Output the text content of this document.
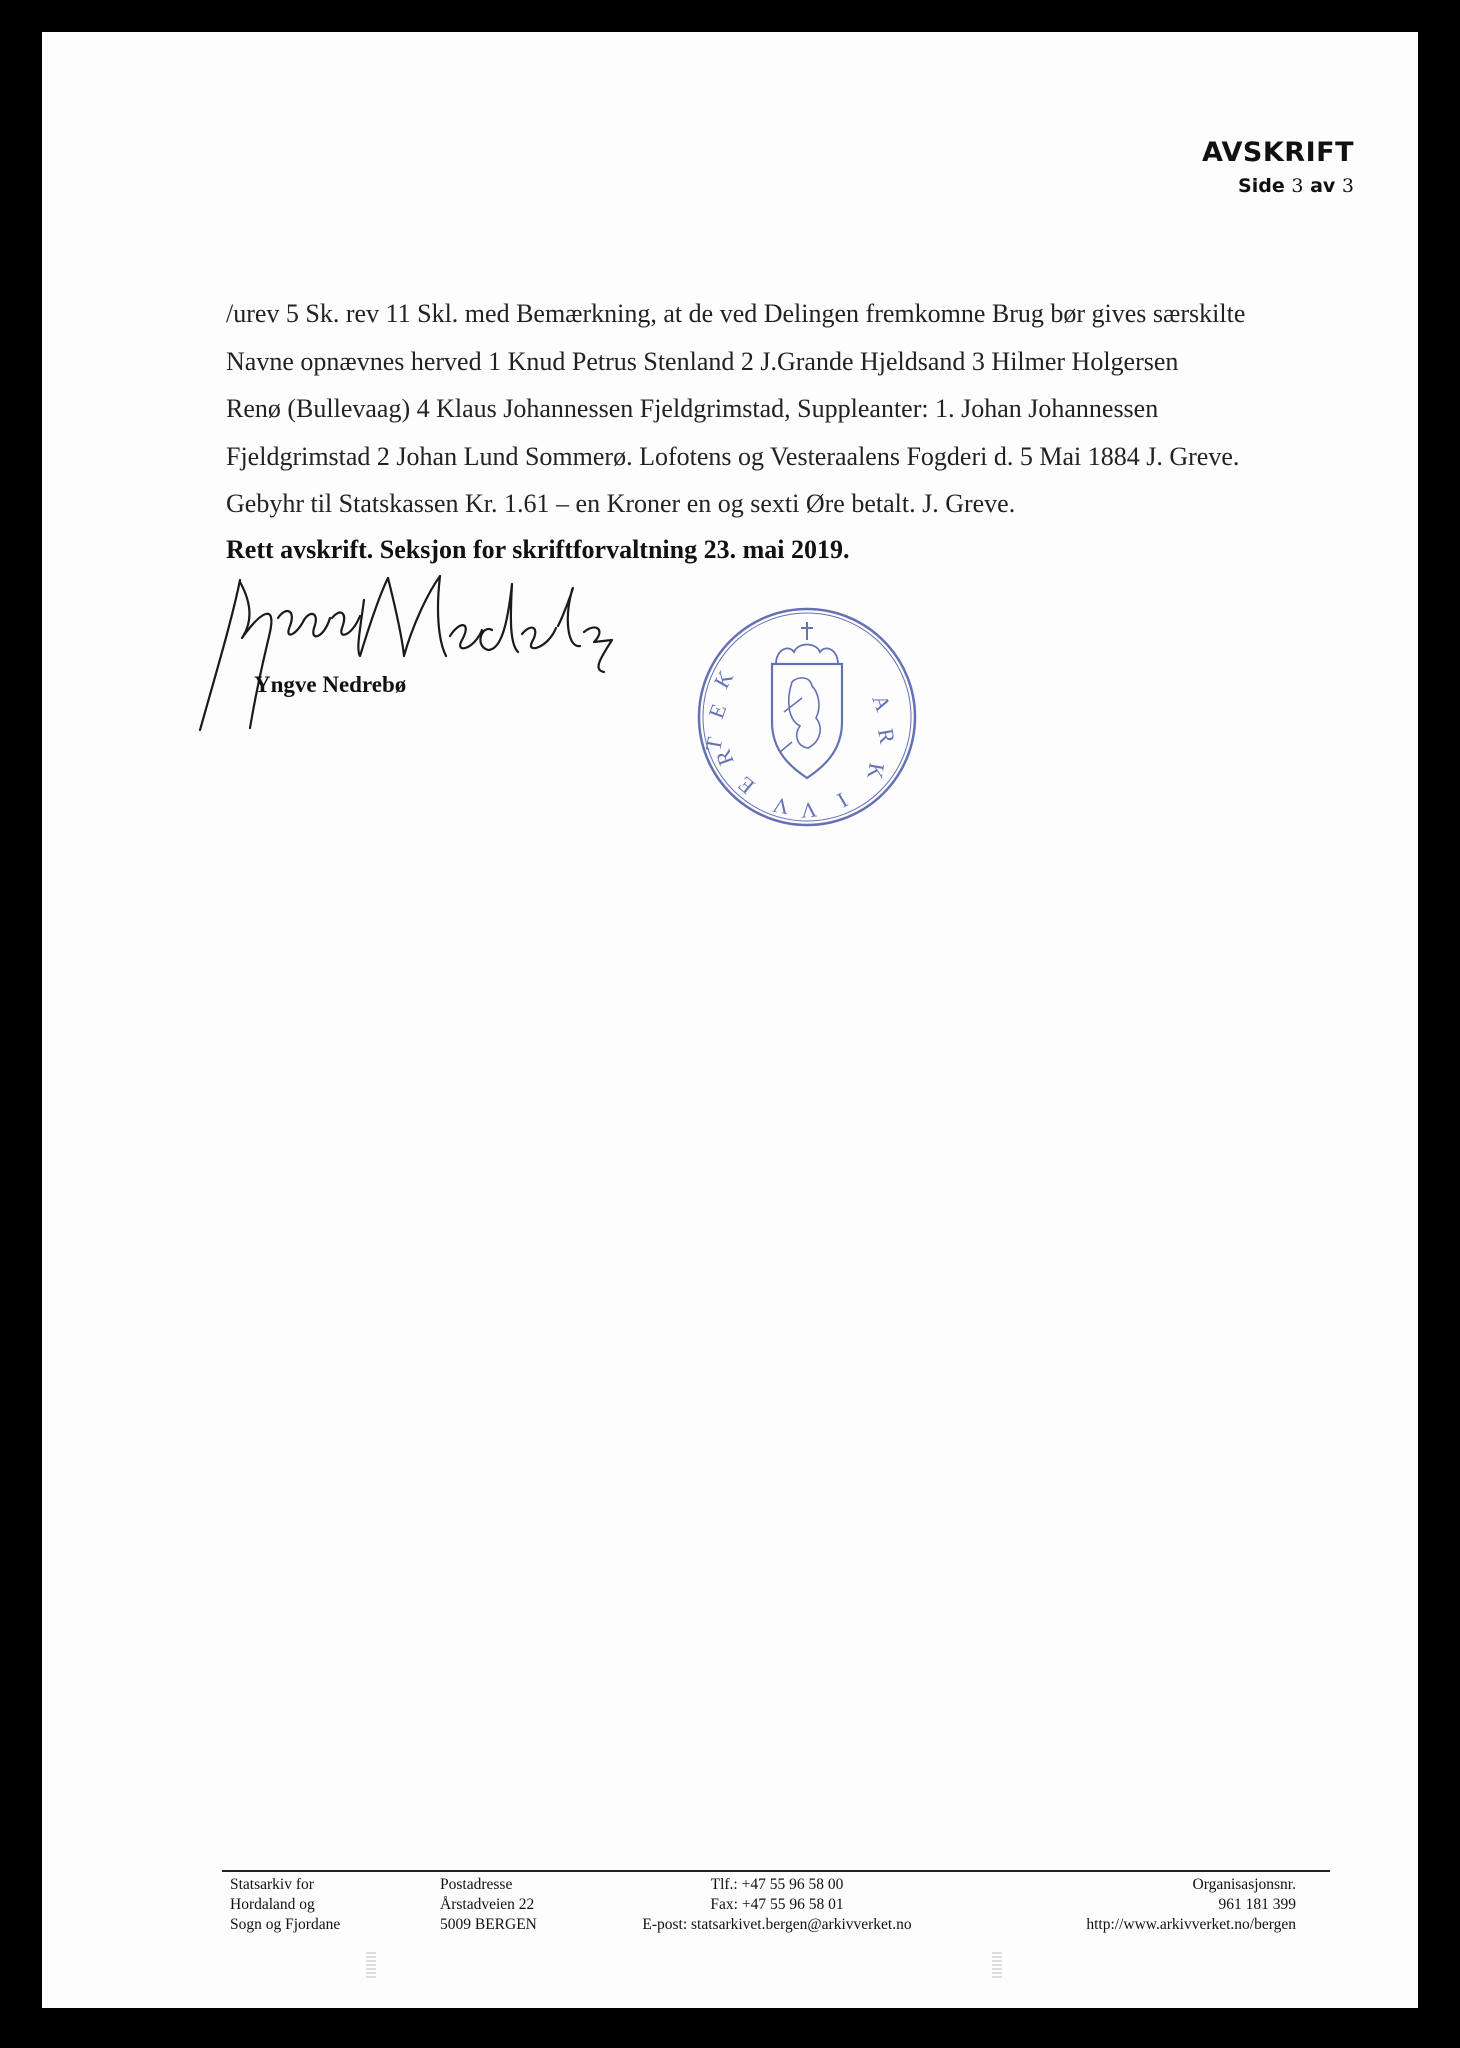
AVSKRIFT
Side 3 av 3
/urev 5 Sk. rev 11 Skl. med Bemærkning, at de ved Delingen fremkomne Brug bør gives særskilte
Navne opnævnes herved 1 Knud Petrus Stenland 2 J.Grande Hjeldsand 3 Hilmer Holgersen
Renø (Bullevaag) 4 Klaus Johannessen Fjeldgrimstad, Suppleanter: 1. Johan Johannessen
Fjeldgrimstad 2 Johan Lund Sommerø. Lofotens og Vesteraalens Fogderi d. 5 Mai 1884 J. Greve.
Gebyhr til Statskassen Kr. 1.61 – en Kroner en og sexti Øre betalt. J. Greve.
Rett avskrift. Seksjon for skriftforvaltning 23. mai 2019.
Yngve Nedrebø
E
K
T
A
R
K
I
V
V
E
R
Statsarkiv for
Hordaland og
Sogn og Fjordane
Postadresse
Årstadveien 22
5009 BERGEN
Tlf.: +47 55 96 58 00
Fax: +47 55 96 58 01
E-post: statsarkivet.bergen@arkivverket.no
Organisasjonsnr.
961 181 399
http://www.arkivverket.no/bergen
